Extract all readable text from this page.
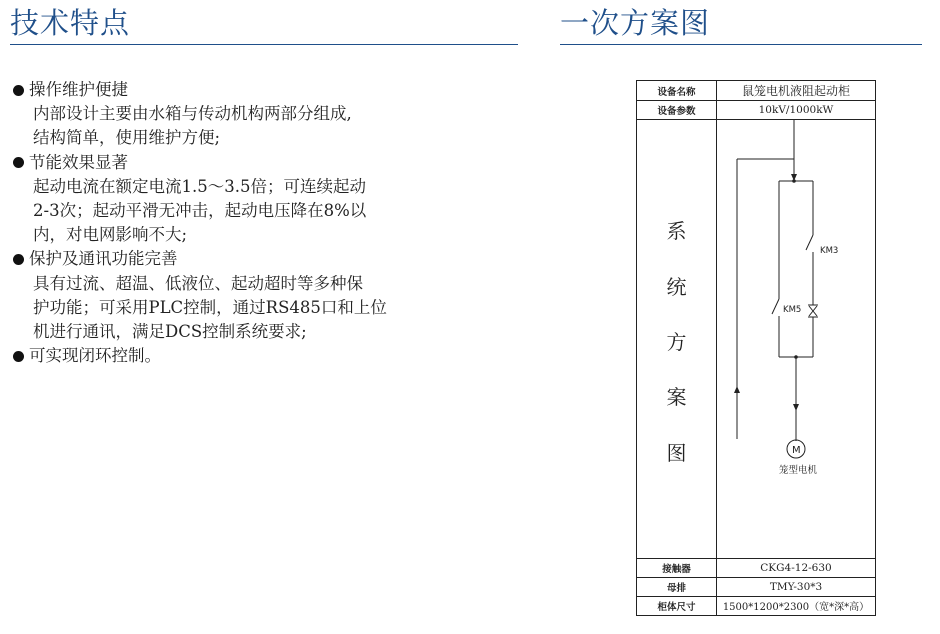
技术特点
操作维护便捷
内部设计主要由水箱与传动机构两部分组成,
结构简单，使用维护方便;
节能效果显著
起动电流在额定电流1.5～3.5倍；可连续起动
2-3次；起动平滑无冲击，起动电压降在8%以
内，对电网影响不大;
保护及通讯功能完善
具有过流、超温、低液位、起动超时等多种保
护功能；可采用PLC控制，通过RS485口和上位
机进行通讯，满足DCS控制系统要求;
可实现闭环控制。
一次方案图
设备名称	鼠笼电机液阻起动柜
设备参数	10kV/1000kW
系
统
方
案
图
KM3
KM5
M
笼型电机
接触器	CKG4-12-630
母排	TMY-30*3
柜体尺寸	1500*1200*2300（宽*深*高）
